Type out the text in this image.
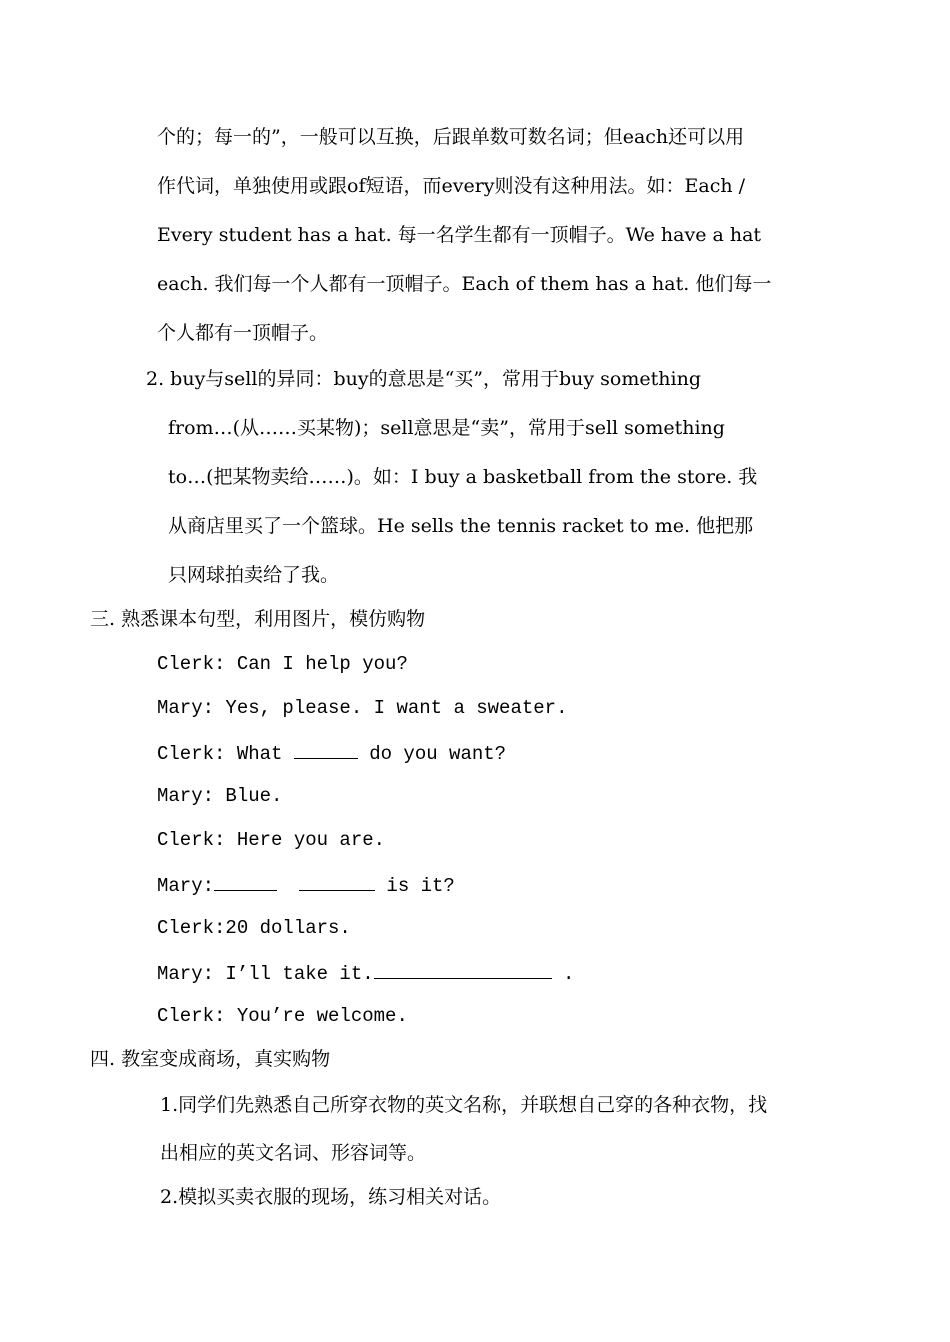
个的；每一的”，一般可以互换，后跟单数可数名词；但each还可以用
作代词，单独使用或跟of短语，而every则没有这种用法。如：Each /
Every student has a hat. 每一名学生都有一顶帽子。We have a hat
each. 我们每一个人都有一顶帽子。Each of them has a hat. 他们每一
个人都有一顶帽子。
2. buy与sell的异同：buy的意思是“买”，常用于buy something
from…(从……买某物)；sell意思是“卖”，常用于sell something
to…(把某物卖给……)。如：I buy a basketball from the store. 我
从商店里买了一个篮球。He sells the tennis racket to me. 他把那
只网球拍卖给了我。
三. 熟悉课本句型，利用图片，模仿购物
Clerk: Can I help you?
Mary: Yes, please. I want a sweater.
Clerk: What	do you want?
Mary: Blue.
Clerk: Here you are.
Mary:	is it?
Clerk:20 dollars.
Mary: I’ll take it.	.
Clerk: You’re welcome.
四. 教室变成商场，真实购物
1.同学们先熟悉自己所穿衣物的英文名称，并联想自己穿的各种衣物，找
出相应的英文名词、形容词等。
2.模拟买卖衣服的现场，练习相关对话。
